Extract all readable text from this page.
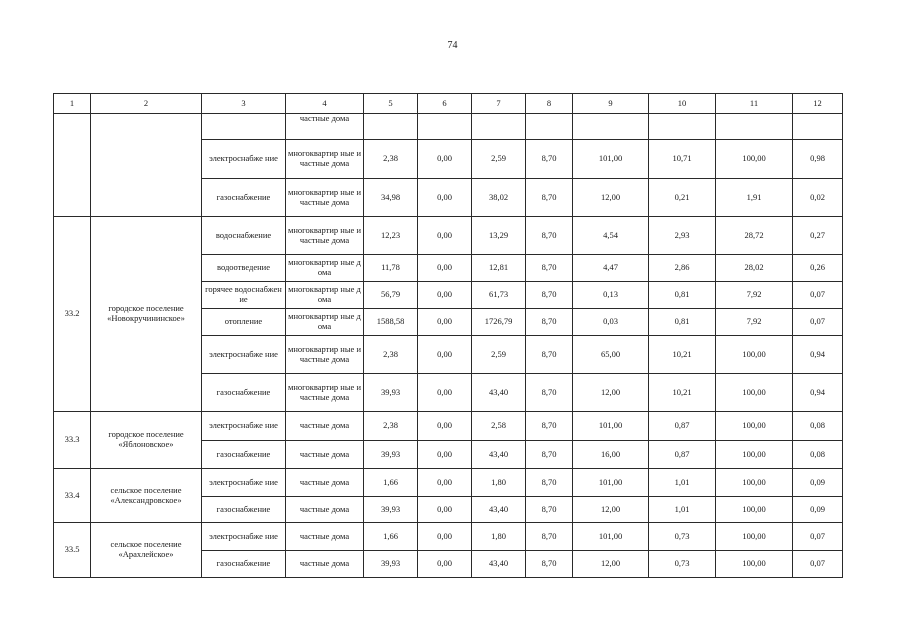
74
1	2	3	4	5	6	7	8	9	10	11	12
			частные дома								
		электроснабже ние	многоквартир ные и частные дома	2,38	0,00	2,59	8,70	101,00	10,71	100,00	0,98
		газоснабжение	многоквартир ные и частные дома	34,98	0,00	38,02	8,70	12,00	0,21	1,91	0,02
33.2	городское поселение «Новокручининское»	водоснабжение	многоквартир ные и частные дома	12,23	0,00	13,29	8,70	4,54	2,93	28,72	0,27
		водоотведение	многоквартир ные дома	11,78	0,00	12,81	8,70	4,47	2,86	28,02	0,26
		горячее водоснабжение	многоквартир ные дома	56,79	0,00	61,73	8,70	0,13	0,81	7,92	0,07
		отопление	многоквартир ные дома	1588,58	0,00	1726,79	8,70	0,03	0,81	7,92	0,07
		электроснабже ние	многоквартир ные и частные дома	2,38	0,00	2,59	8,70	65,00	10,21	100,00	0,94
		газоснабжение	многоквартир ные и частные дома	39,93	0,00	43,40	8,70	12,00	10,21	100,00	0,94
33.3	городское поселение «Яблоновское»	электроснабже ние	частные дома	2,38	0,00	2,58	8,70	101,00	0,87	100,00	0,08
		газоснабжение	частные дома	39,93	0,00	43,40	8,70	16,00	0,87	100,00	0,08
33.4	сельское поселение «Александровское»	электроснабже ние	частные дома	1,66	0,00	1,80	8,70	101,00	1,01	100,00	0,09
		газоснабжение	частные дома	39,93	0,00	43,40	8,70	12,00	1,01	100,00	0,09
33.5	сельское поселение «Арахлейское»	электроснабже ние	частные дома	1,66	0,00	1,80	8,70	101,00	0,73	100,00	0,07
		газоснабжение	частные дома	39,93	0,00	43,40	8,70	12,00	0,73	100,00	0,07
